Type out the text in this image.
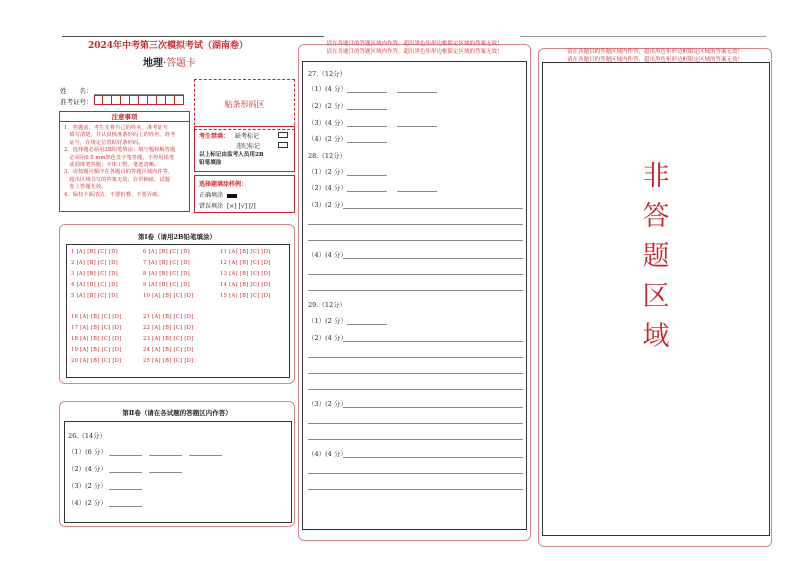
2024年中考第三次模拟考试（湖南卷）
地理·答题卡
姓　　名：
准考证号：	贴条形码区
注意事项
1．答题前，考生先将自己的姓名，准考证号
　填写清楚，并认真核准条形码上的姓名、准考
　证号，在规定位置贴好条形码。
2．选择题必须用2B铅笔填涂；填空题和解答题
　必须用0.5 mm黑色签字笔答题，不得用铅笔
　或圆珠笔答题；字体工整、笔迹清晰。
3．请按题号顺序在各题目的答题区域内作答，
　超出区域书写的答案无效；在草稿纸、试题
　卷上答题无效。
4．保持卡面清洁，不要折叠、不要弄破。
考生禁填： 缺考标记
违纪标记
以上标记由监考人员用2B铅笔填涂
选择题填涂样例：
正确填涂
错误填涂 [×] [√] [/]
第Ⅰ卷（请用2B铅笔填涂）
1 [A] [B] [C] [D]
2 [A] [B] [C] [D]
3 [A] [B] [C] [D]
4 [A] [B] [C] [D]
5 [A] [B] [C] [D]
6 [A] [B] [C] [D]
7 [A] [B] [C] [D]
8 [A] [B] [C] [D]
9 [A] [B] [C] [D]
10 [A] [B] [C] [D]
11 [A] [B] [C] [D]
12 [A] [B] [C] [D]
13 [A] [B] [C] [D]
14 [A] [B] [C] [D]
15 [A] [B] [C] [D]
16 [A] [B] [C] [D]
17 [A] [B] [C] [D]
18 [A] [B] [C] [D]
19 [A] [B] [C] [D]
20 [A] [B] [C] [D]
21 [A] [B] [C] [D]
22 [A] [B] [C] [D]
23 [A] [B] [C] [D]
24 [A] [B] [C] [D]
25 [A] [B] [C] [D]
第Ⅱ卷（请在各试题的答题区内作答）
26.（14分）
（1）(6 分）
（2）(4 分）
（3）(2 分）
（4）(2 分）
请在各题目的答题区域内作答，超出黑色矩形边框限定区域的答案无效！
请在各题目的答题区域内作答，超出黑色矩形边框限定区域的答案无效！
27.（12分）
（1）(4 分）
（2）(2 分）
（3）(4 分）
（4）(2 分）
28.（12分）
（1）(2 分）
（2）(4 分）
（3）(2 分）
（4）(4 分）
29.（12分）
（1）(2 分）
（2）(4 分）
（3）(2 分）
（4）(4 分）
请在各题目的答题区域内作答，超出黑色矩形边框限定区域的答案无效！
请在各题目的答题区域内作答，超出黑色矩形边框限定区域的答案无效！
非
答
题
区
域
